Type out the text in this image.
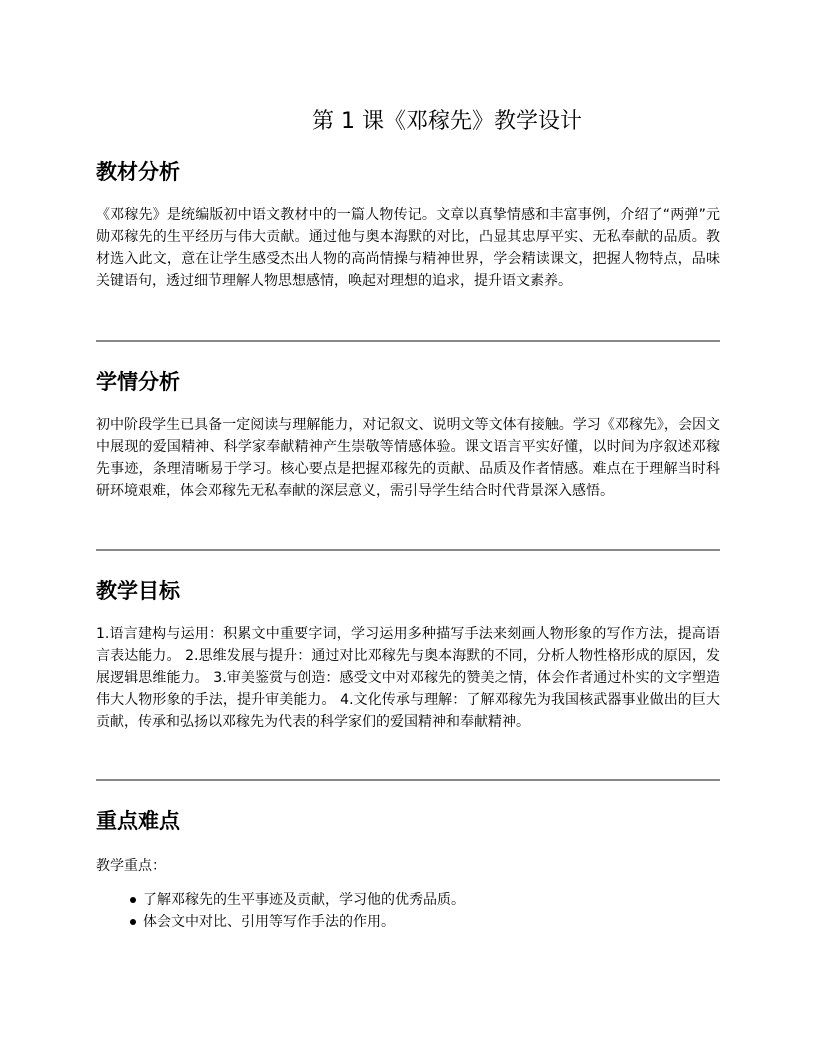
第 1 课《邓稼先》教学设计
教材分析

《邓稼先》是统编版初中语文教材中的一篇人物传记。文章以真挚情感和丰富事例，介绍了“两弹”元勋邓稼先的生平经历与伟大贡献。通过他与奥本海默的对比，凸显其忠厚平实、无私奉献的品质。教材选入此文，意在让学生感受杰出人物的高尚情操与精神世界，学会精读课文，把握人物特点，品味关键语句，透过细节理解人物思想感情，唤起对理想的追求，提升语文素养。

学情分析

初中阶段学生已具备一定阅读与理解能力，对记叙文、说明文等文体有接触。学习《邓稼先》，会因文中展现的爱国精神、科学家奉献精神产生崇敬等情感体验。课文语言平实好懂，以时间为序叙述邓稼先事迹，条理清晰易于学习。核心要点是把握邓稼先的贡献、品质及作者情感。难点在于理解当时科研环境艰难，体会邓稼先无私奉献的深层意义，需引导学生结合时代背景深入感悟。

教学目标

1.语言建构与运用：积累文中重要字词，学习运用多种描写手法来刻画人物形象的写作方法，提高语言表达能力。 2.思维发展与提升：通过对比邓稼先与奥本海默的不同，分析人物性格形成的原因，发展逻辑思维能力。 3.审美鉴赏与创造：感受文中对邓稼先的赞美之情，体会作者通过朴实的文字塑造伟大人物形象的手法，提升审美能力。 4.文化传承与理解：了解邓稼先为我国核武器事业做出的巨大贡献，传承和弘扬以邓稼先为代表的科学家们的爱国精神和奉献精神。

重点难点

教学重点：

了解邓稼先的生平事迹及贡献，学习他的优秀品质。
体会文中对比、引用等写作手法的作用。
